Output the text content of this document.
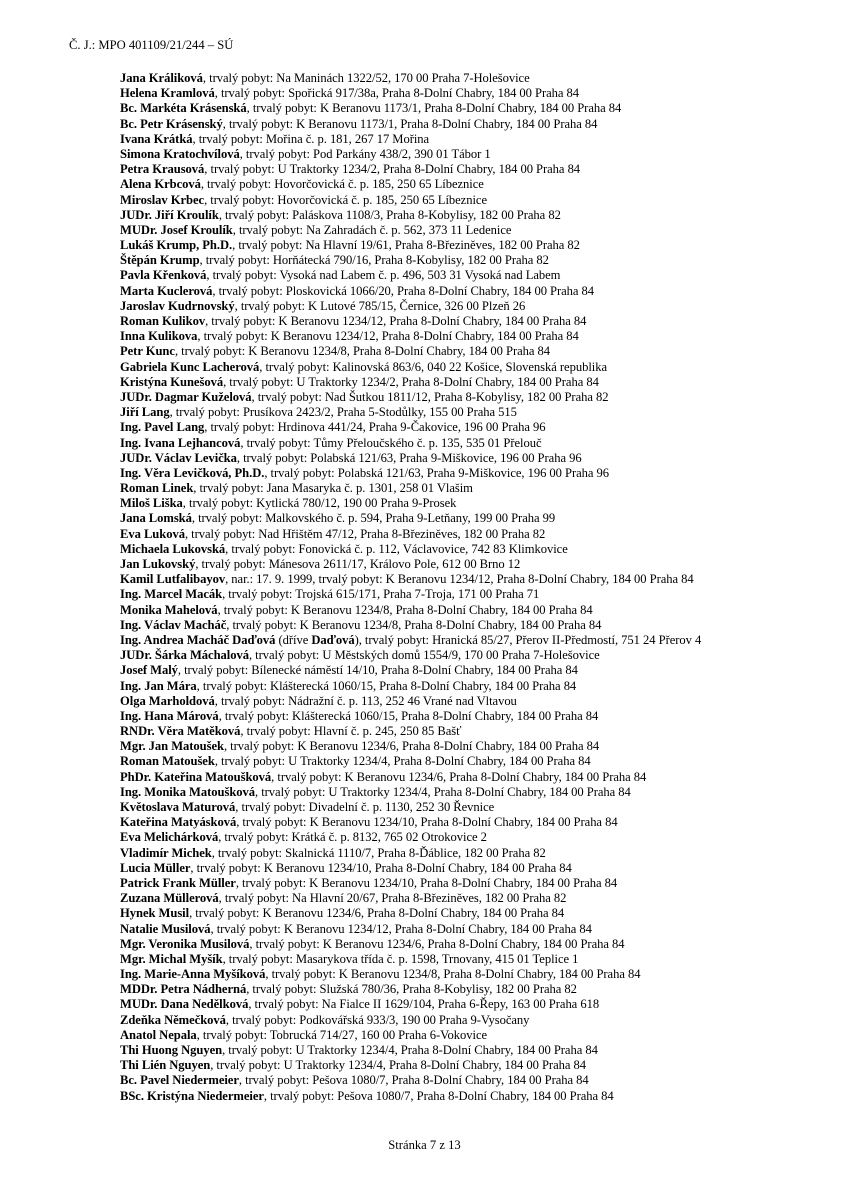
Č. J.: MPO 401109/21/244 – SÚ
Jana Králiková, trvalý pobyt: Na Maninách 1322/52, 170 00 Praha 7-Holešovice
Helena Kramlová, trvalý pobyt: Spořická 917/38a, Praha 8-Dolní Chabry, 184 00 Praha 84
Bc. Markéta Krásenská, trvalý pobyt: K Beranovu 1173/1, Praha 8-Dolní Chabry, 184 00 Praha 84
Bc. Petr Krásenský, trvalý pobyt: K Beranovu 1173/1, Praha 8-Dolní Chabry, 184 00 Praha 84
Ivana Krátká, trvalý pobyt: Mořina č. p. 181, 267 17 Mořina
Simona Kratochvílová, trvalý pobyt: Pod Parkány 438/2, 390 01 Tábor 1
Petra Krausová, trvalý pobyt: U Traktorky 1234/2, Praha 8-Dolní Chabry, 184 00 Praha 84
Alena Krbcová, trvalý pobyt: Hovorčovická č. p. 185, 250 65 Líbeznice
Miroslav Krbec, trvalý pobyt: Hovorčovická č. p. 185, 250 65 Líbeznice
JUDr. Jiří Kroulík, trvalý pobyt: Paláskova 1108/3, Praha 8-Kobylisy, 182 00 Praha 82
MUDr. Josef Kroulík, trvalý pobyt: Na Zahradách č. p. 562, 373 11 Ledenice
Lukáš Krump, Ph.D., trvalý pobyt: Na Hlavní 19/61, Praha 8-Březiněves, 182 00 Praha 82
Štěpán Krump, trvalý pobyt: Horňátecká 790/16, Praha 8-Kobylisy, 182 00 Praha 82
Pavla Křenková, trvalý pobyt: Vysoká nad Labem č. p. 496, 503 31 Vysoká nad Labem
Marta Kuclerová, trvalý pobyt: Ploskovická 1066/20, Praha 8-Dolní Chabry, 184 00 Praha 84
Jaroslav Kudrnovský, trvalý pobyt: K Lutové 785/15, Černice, 326 00 Plzeň 26
Roman Kulikov, trvalý pobyt: K Beranovu 1234/12, Praha 8-Dolní Chabry, 184 00 Praha 84
Inna Kulikova, trvalý pobyt: K Beranovu 1234/12, Praha 8-Dolní Chabry, 184 00 Praha 84
Petr Kunc, trvalý pobyt: K Beranovu 1234/8, Praha 8-Dolní Chabry, 184 00 Praha 84
Gabriela Kunc Lacherová, trvalý pobyt: Kalinovská 863/6, 040 22 Košice, Slovenská republika
Kristýna Kunešová, trvalý pobyt: U Traktorky 1234/2, Praha 8-Dolní Chabry, 184 00 Praha 84
JUDr. Dagmar Kuželová, trvalý pobyt: Nad Šutkou 1811/12, Praha 8-Kobylisy, 182 00 Praha 82
Jiří Lang, trvalý pobyt: Prusíkova 2423/2, Praha 5-Stodůlky, 155 00 Praha 515
Ing. Pavel Lang, trvalý pobyt: Hrdinova 441/24, Praha 9-Čakovice, 196 00 Praha 96
Ing. Ivana Lejhancová, trvalý pobyt: Tůmy Přeloučského č. p. 135, 535 01 Přelouč
JUDr. Václav Levička, trvalý pobyt: Polabská 121/63, Praha 9-Miškovice, 196 00 Praha 96
Ing. Věra Levičková, Ph.D., trvalý pobyt: Polabská 121/63, Praha 9-Miškovice, 196 00 Praha 96
Roman Linek, trvalý pobyt: Jana Masaryka č. p. 1301, 258 01 Vlašim
Miloš Liška, trvalý pobyt: Kytlická 780/12, 190 00 Praha 9-Prosek
Jana Lomská, trvalý pobyt: Malkovského č. p. 594, Praha 9-Letňany, 199 00 Praha 99
Eva Luková, trvalý pobyt: Nad Hřištěm 47/12, Praha 8-Březiněves, 182 00 Praha 82
Michaela Lukovská, trvalý pobyt: Fonovická č. p. 112, Václavovice, 742 83 Klimkovice
Jan Lukovský, trvalý pobyt: Mánesova 2611/17, Královo Pole, 612 00 Brno 12
Kamil Lutfalibayov, nar.: 17. 9. 1999, trvalý pobyt: K Beranovu 1234/12, Praha 8-Dolní Chabry, 184 00 Praha 84
Ing. Marcel Macák, trvalý pobyt: Trojská 615/171, Praha 7-Troja, 171 00 Praha 71
Monika Mahelová, trvalý pobyt: K Beranovu 1234/8, Praha 8-Dolní Chabry, 184 00 Praha 84
Ing. Václav Macháč, trvalý pobyt: K Beranovu 1234/8, Praha 8-Dolní Chabry, 184 00 Praha 84
Ing. Andrea Macháč Daďová (dříve Daďová), trvalý pobyt: Hranická 85/27, Přerov II-Předmostí, 751 24 Přerov 4
JUDr. Šárka Máchalová, trvalý pobyt: U Městských domů 1554/9, 170 00 Praha 7-Holešovice
Josef Malý, trvalý pobyt: Bílenecké náměstí 14/10, Praha 8-Dolní Chabry, 184 00 Praha 84
Ing. Jan Mára, trvalý pobyt: Klášterecká 1060/15, Praha 8-Dolní Chabry, 184 00 Praha 84
Olga Marholdová, trvalý pobyt: Nádražní č. p. 113, 252 46 Vrané nad Vltavou
Ing. Hana Márová, trvalý pobyt: Klášterecká 1060/15, Praha 8-Dolní Chabry, 184 00 Praha 84
RNDr. Věra Matěková, trvalý pobyt: Hlavní č. p. 245, 250 85 Bašť
Mgr. Jan Matoušek, trvalý pobyt: K Beranovu 1234/6, Praha 8-Dolní Chabry, 184 00 Praha 84
Roman Matoušek, trvalý pobyt: U Traktorky 1234/4, Praha 8-Dolní Chabry, 184 00 Praha 84
PhDr. Kateřina Matoušková, trvalý pobyt: K Beranovu 1234/6, Praha 8-Dolní Chabry, 184 00 Praha 84
Ing. Monika Matoušková, trvalý pobyt: U Traktorky 1234/4, Praha 8-Dolní Chabry, 184 00 Praha 84
Květoslava Maturová, trvalý pobyt: Divadelní č. p. 1130, 252 30 Řevnice
Kateřina Matyásková, trvalý pobyt: K Beranovu 1234/10, Praha 8-Dolní Chabry, 184 00 Praha 84
Eva Melichárková, trvalý pobyt: Krátká č. p. 8132, 765 02 Otrokovice 2
Vladimír Michek, trvalý pobyt: Skalnická 1110/7, Praha 8-Ďáblice, 182 00 Praha 82
Lucia Müller, trvalý pobyt: K Beranovu 1234/10, Praha 8-Dolní Chabry, 184 00 Praha 84
Patrick Frank Müller, trvalý pobyt: K Beranovu 1234/10, Praha 8-Dolní Chabry, 184 00 Praha 84
Zuzana Müllerová, trvalý pobyt: Na Hlavní 20/67, Praha 8-Březiněves, 182 00 Praha 82
Hynek Musil, trvalý pobyt: K Beranovu 1234/6, Praha 8-Dolní Chabry, 184 00 Praha 84
Natalie Musilová, trvalý pobyt: K Beranovu 1234/12, Praha 8-Dolní Chabry, 184 00 Praha 84
Mgr. Veronika Musilová, trvalý pobyt: K Beranovu 1234/6, Praha 8-Dolní Chabry, 184 00 Praha 84
Mgr. Michal Myšík, trvalý pobyt: Masarykova třída č. p. 1598, Trnovany, 415 01 Teplice 1
Ing. Marie-Anna Myšíková, trvalý pobyt: K Beranovu 1234/8, Praha 8-Dolní Chabry, 184 00 Praha 84
MDDr. Petra Nádherná, trvalý pobyt: Služská 780/36, Praha 8-Kobylisy, 182 00 Praha 82
MUDr. Dana Nedělková, trvalý pobyt: Na Fialce II 1629/104, Praha 6-Řepy, 163 00 Praha 618
Zdeňka Němečková, trvalý pobyt: Podkovářská 933/3, 190 00 Praha 9-Vysočany
Anatol Nepala, trvalý pobyt: Tobrucká 714/27, 160 00 Praha 6-Vokovice
Thi Huong Nguyen, trvalý pobyt: U Traktorky 1234/4, Praha 8-Dolní Chabry, 184 00 Praha 84
Thi Lién Nguyen, trvalý pobyt: U Traktorky 1234/4, Praha 8-Dolní Chabry, 184 00 Praha 84
Bc. Pavel Niedermeier, trvalý pobyt: Pešova 1080/7, Praha 8-Dolní Chabry, 184 00 Praha 84
BSc. Kristýna Niedermeier, trvalý pobyt: Pešova 1080/7, Praha 8-Dolní Chabry, 184 00 Praha 84
Stránka 7 z 13
